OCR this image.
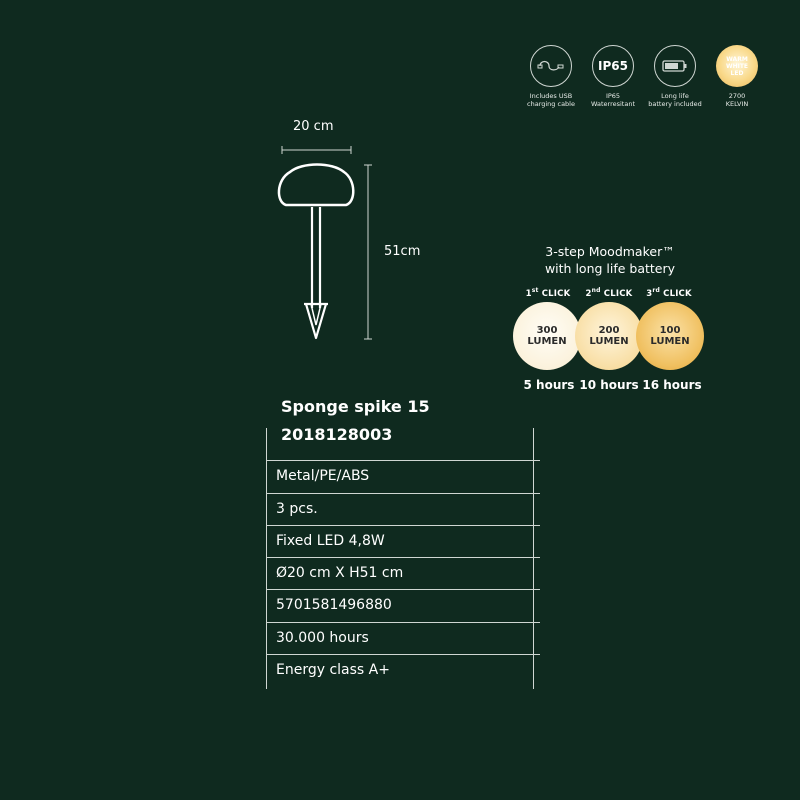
Includes USB
charging cable
IP65
IP65
Waterresitant
Long life
battery included
WARM
WHITE
LED
2700
KELVIN
20 cm
51cm	3-step Moodmaker™
with long life battery
1st CLICK	2nd CLICK	3rd CLICK
300
LUMEN
200
LUMEN
100
LUMEN
5 hours 10 hours 16 hours
Sponge spike 15
2018128003
Metal/PE/ABS
3 pcs.
Fixed LED 4,8W
Ø20 cm X H51 cm
5701581496880
30.000 hours
Energy class A+
